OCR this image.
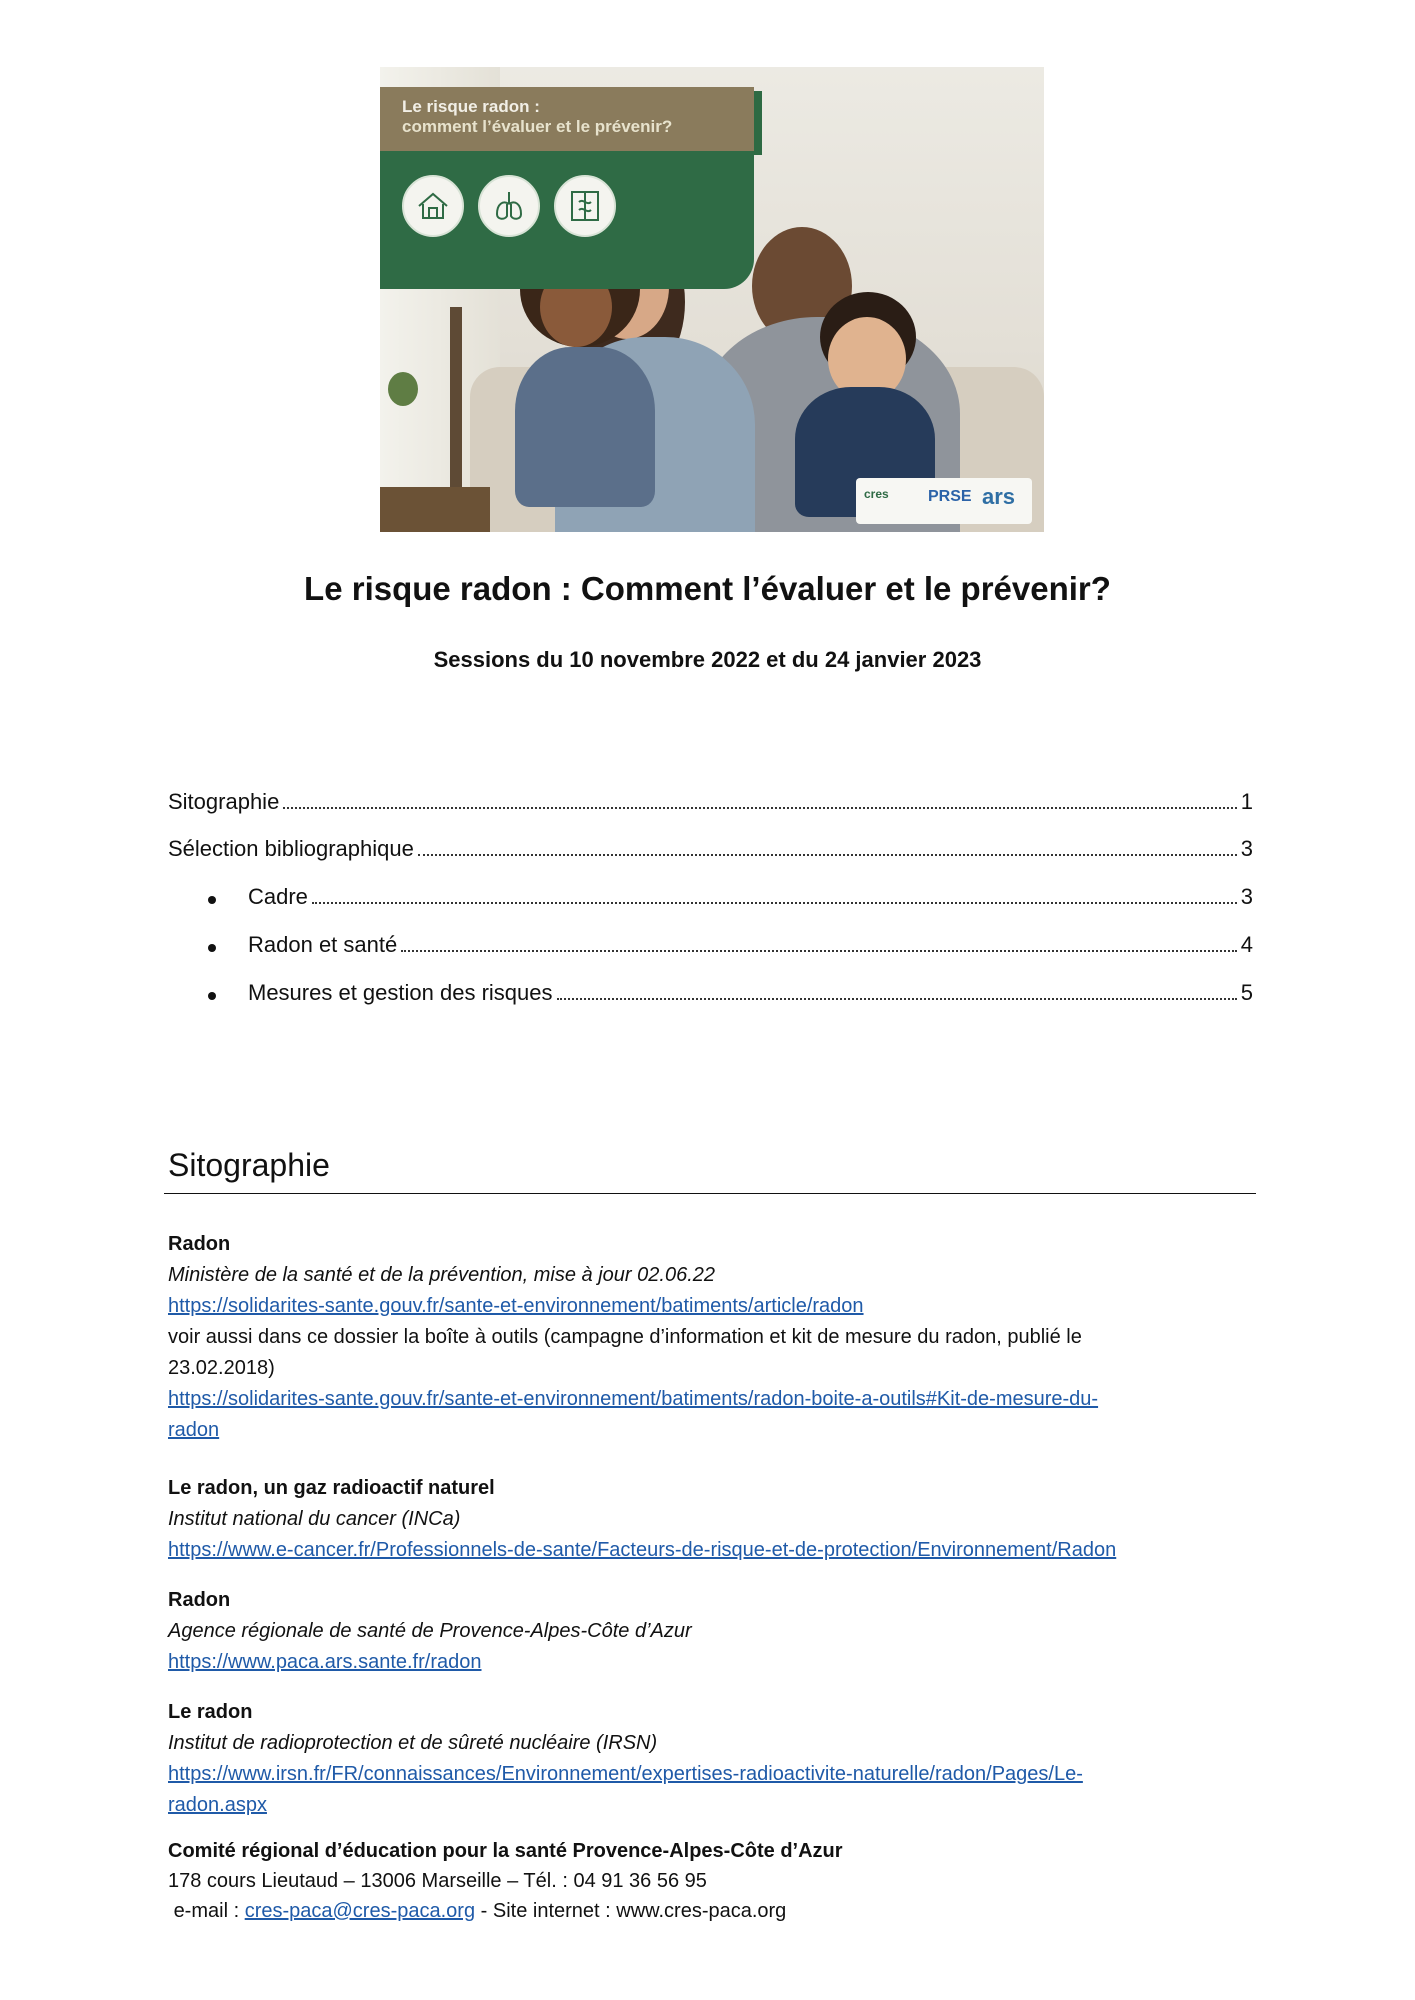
Le risque radon :
comment l’évaluer et le prévenir?
cres PRSE ars
Le risque radon : Comment l’évaluer et le prévenir?
Sessions du 10 novembre 2022 et du 24 janvier 2023
Sitographie	1
Sélection bibliographique	3
Cadre	3
Radon et santé	4
Mesures et gestion des risques	5
Sitographie
Radon
Ministère de la santé et de la prévention, mise à jour 02.06.22
https://solidarites-sante.gouv.fr/sante-et-environnement/batiments/article/radon
voir aussi dans ce dossier la boîte à outils (campagne d’information et kit de mesure du radon, publié le
23.02.2018)
https://solidarites-sante.gouv.fr/sante-et-environnement/batiments/radon-boite-a-outils#Kit-de-mesure-du-
radon
Le radon, un gaz radioactif naturel
Institut national du cancer (INCa)
https://www.e-cancer.fr/Professionnels-de-sante/Facteurs-de-risque-et-de-protection/Environnement/Radon
Radon
Agence régionale de santé de Provence-Alpes-Côte d’Azur
https://www.paca.ars.sante.fr/radon
Le radon
Institut de radioprotection et de sûreté nucléaire (IRSN)
https://www.irsn.fr/FR/connaissances/Environnement/expertises-radioactivite-naturelle/radon/Pages/Le-
radon.aspx
Comité régional d’éducation pour la santé Provence-Alpes-Côte d’Azur
178 cours Lieutaud – 13006 Marseille – Tél. : 04 91 36 56 95
e-mail : cres-paca@cres-paca.org - Site internet : www.cres-paca.org
